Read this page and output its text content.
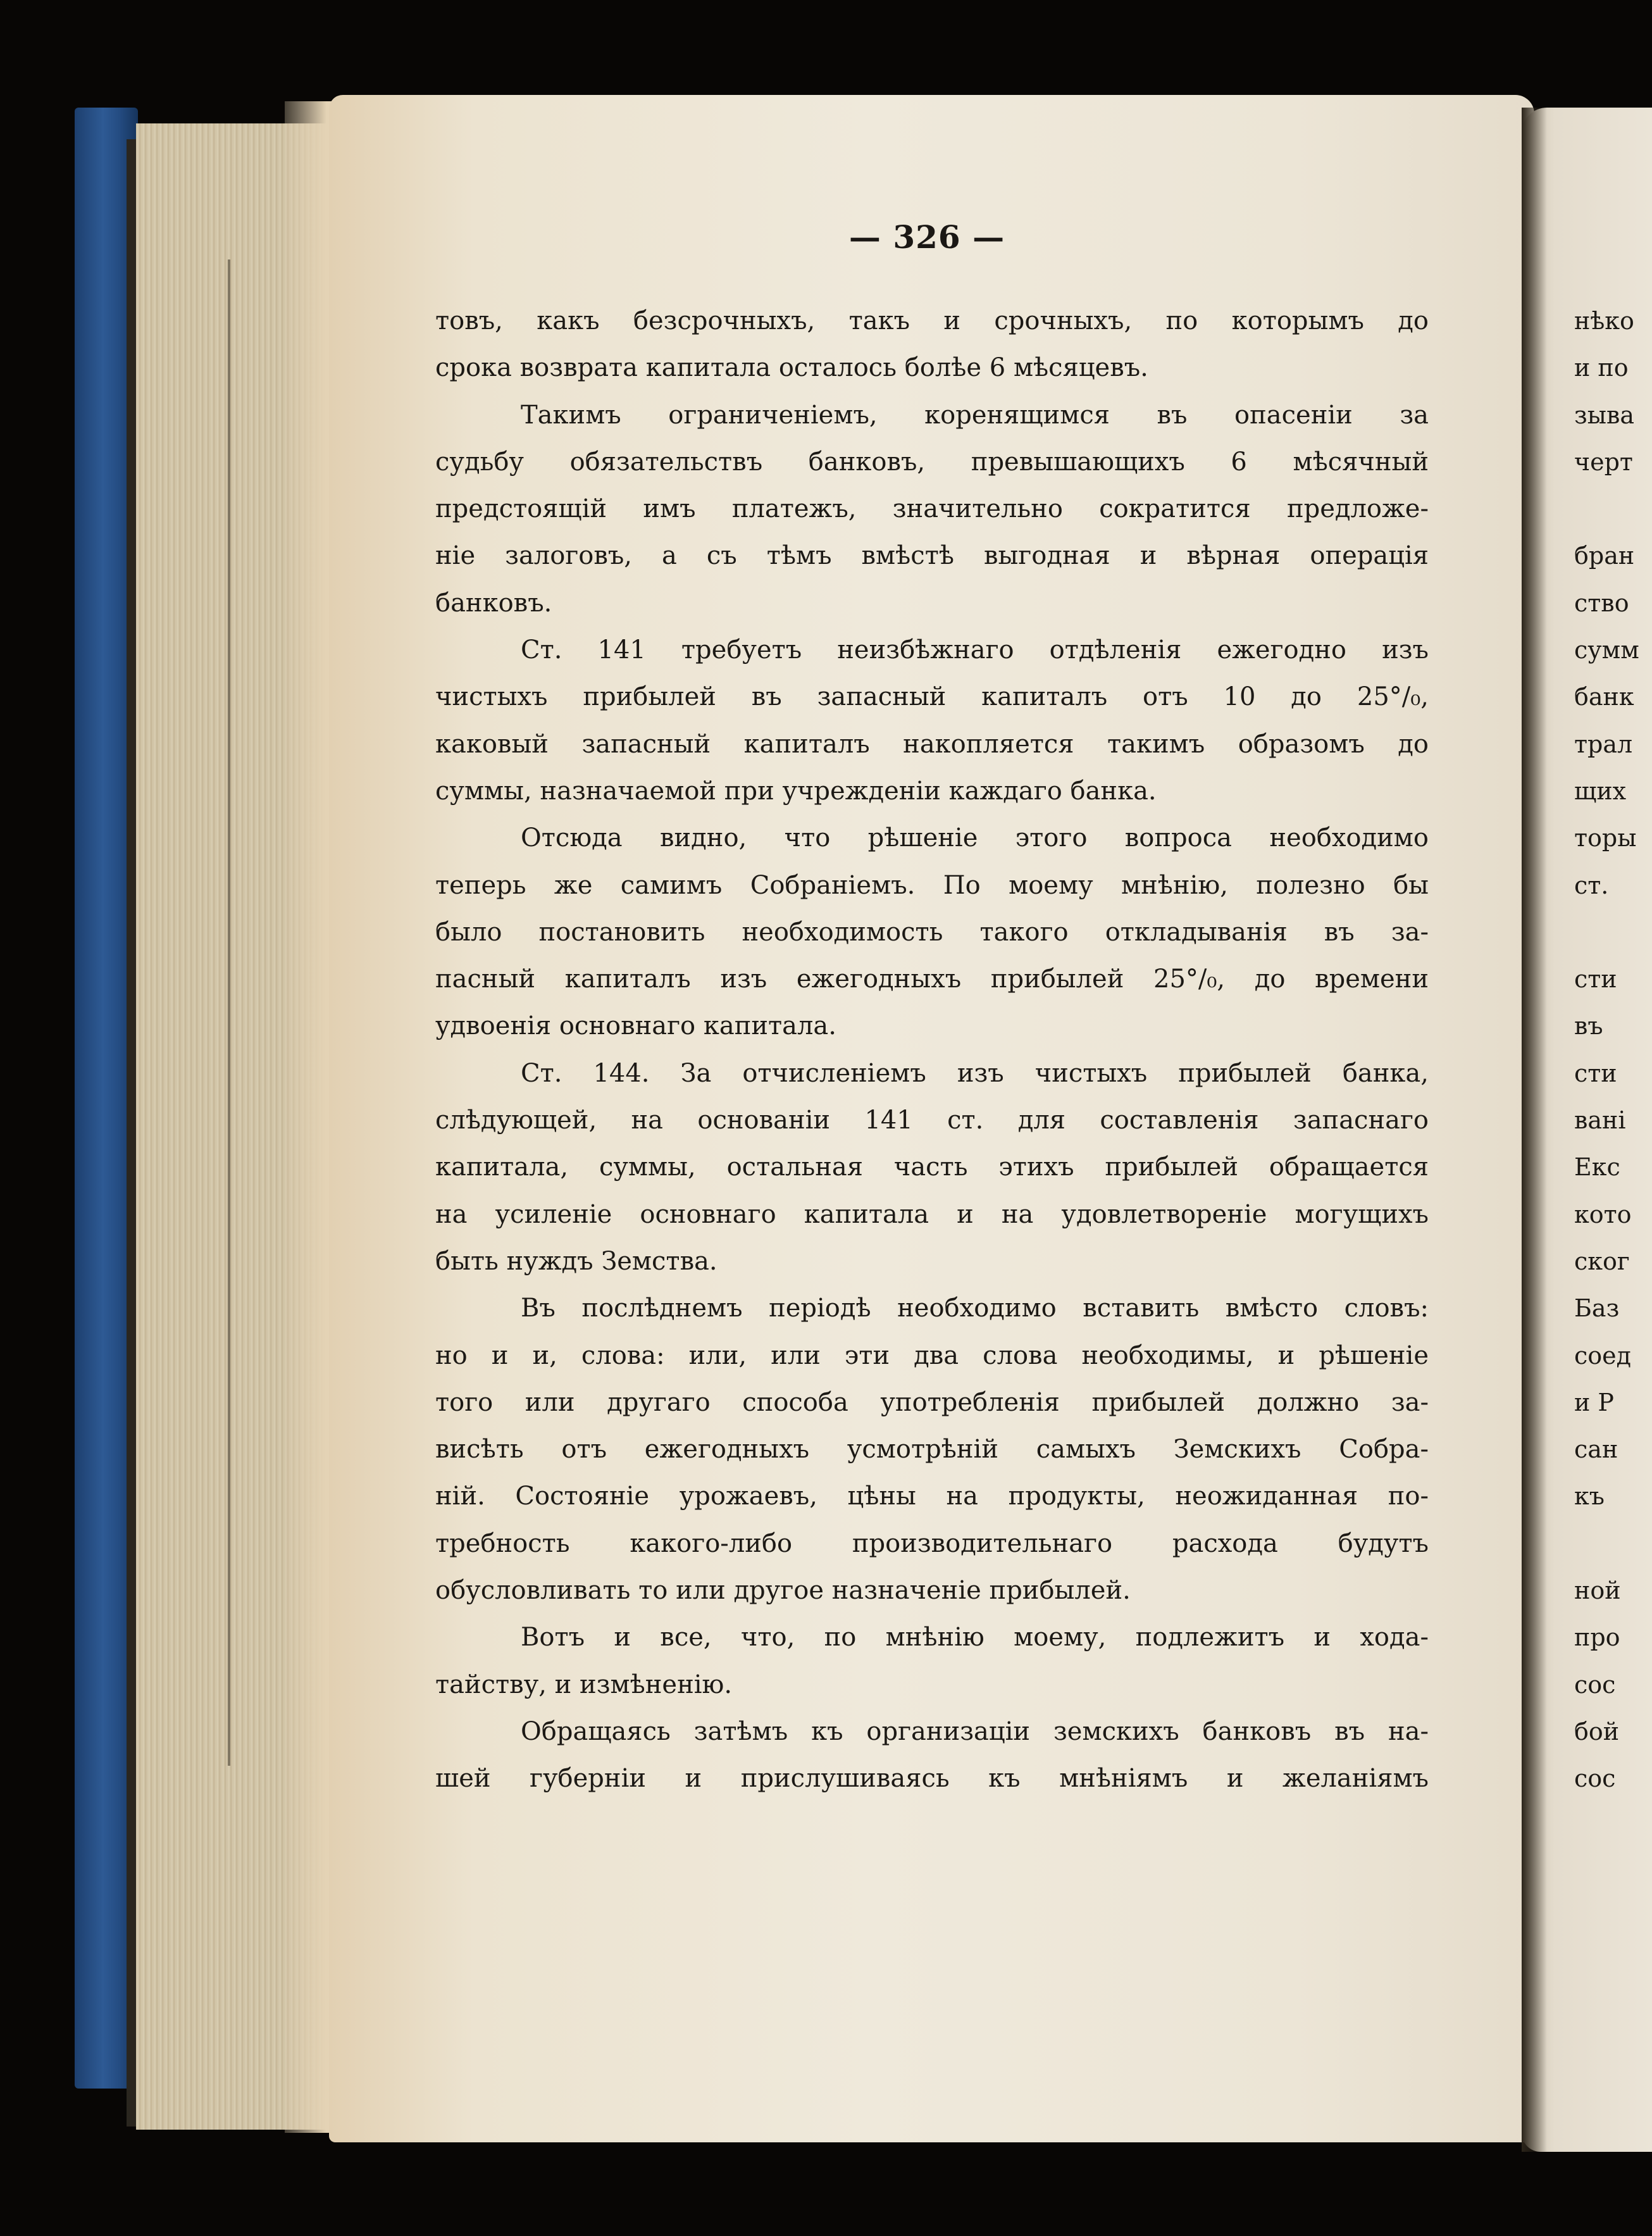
— 326 —
товъ, какъ безсрочныхъ, такъ и срочныхъ, по которымъ до
срока возврата капитала осталось болѣе 6 мѣсяцевъ.
Такимъ ограниченіемъ, коренящимся въ опасеніи за
судьбу обязательствъ банковъ, превышающихъ 6 мѣсячный
предстоящій имъ платежъ, значительно сократится предложе-
ніе залоговъ, а съ тѣмъ вмѣстѣ выгодная и вѣрная операція
банковъ.
Ст. 141 требуетъ неизбѣжнаго отдѣленія ежегодно изъ
чистыхъ прибылей въ запасный капиталъ отъ 10 до 25°/₀,
каковый запасный капиталъ накопляется такимъ образомъ до
суммы, назначаемой при учрежденіи каждаго банка.
Отсюда видно, что рѣшеніе этого вопроса необходимо
теперь же самимъ Собраніемъ. По моему мнѣнію, полезно бы
было постановить необходимость такого откладыванія въ за-
пасный капиталъ изъ ежегодныхъ прибылей 25°/₀, до времени
удвоенія основнаго капитала.
Ст. 144. За отчисленіемъ изъ чистыхъ прибылей банка,
слѣдующей, на основаніи 141 ст. для составленія запаснаго
капитала, суммы, остальная часть этихъ прибылей обращается
на усиленіе основнаго капитала и на удовлетвореніе могущихъ
быть нуждъ Земства.
Въ послѣднемъ періодѣ необходимо вставить вмѣсто словъ:
но и и, слова: или, или эти два слова необходимы, и рѣшеніе
того или другаго способа употребленія прибылей должно за-
висѣть отъ ежегодныхъ усмотрѣній самыхъ Земскихъ Собра-
ній. Состояніе урожаевъ, цѣны на продукты, неожиданная по-
требность какого-либо производительнаго расхода будутъ
обусловливать то или другое назначеніе прибылей.
Вотъ и все, что, по мнѣнію моему, подлежитъ и хода-
тайству, и измѣненію.
Обращаясь затѣмъ къ организаціи земскихъ банковъ въ на-
шей губерніи и прислушиваясь къ мнѣніямъ и желаніямъ
нѣко
и по
зыва
черт
бран
ство
сумм
банк
трал
щих
торы
ст.
сти
въ
сти
вані
Екс
кото
ског
Баз
соед
и Р
сан
къ
ной
про
сос
бой
сос
